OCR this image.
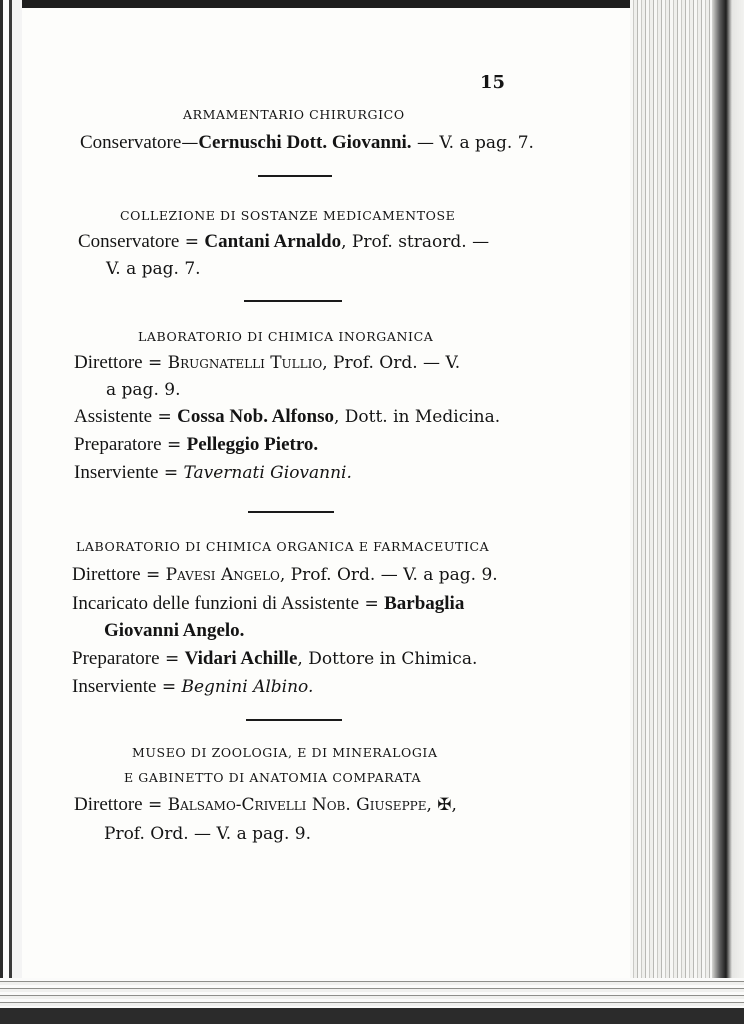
15
ARMAMENTARIO CHIRURGICO
Conservatore—Cernuschi Dott. Giovanni. — V. a pag. 7.
COLLEZIONE DI SOSTANZE MEDICAMENTOSE
Conservatore = Cantani Arnaldo, Prof. straord. —
V. a pag. 7.
LABORATORIO DI CHIMICA INORGANICA
Direttore = Brugnatelli Tullio, Prof. Ord. — V.
a pag. 9.
Assistente = Cossa Nob. Alfonso, Dott. in Medicina.
Preparatore = Pelleggio Pietro.
Inserviente = Tavernati Giovanni.
LABORATORIO DI CHIMICA ORGANICA E FARMACEUTICA
Direttore = Pavesi Angelo, Prof. Ord. — V. a pag. 9.
Incaricato delle funzioni di Assistente = Barbaglia
Giovanni Angelo.
Preparatore = Vidari Achille, Dottore in Chimica.
Inserviente = Begnini Albino.
MUSEO DI ZOOLOGIA, E DI MINERALOGIA
E GABINETTO DI ANATOMIA COMPARATA
Direttore = Balsamo-Crivelli Nob. Giuseppe, ✠,
Prof. Ord. — V. a pag. 9.
